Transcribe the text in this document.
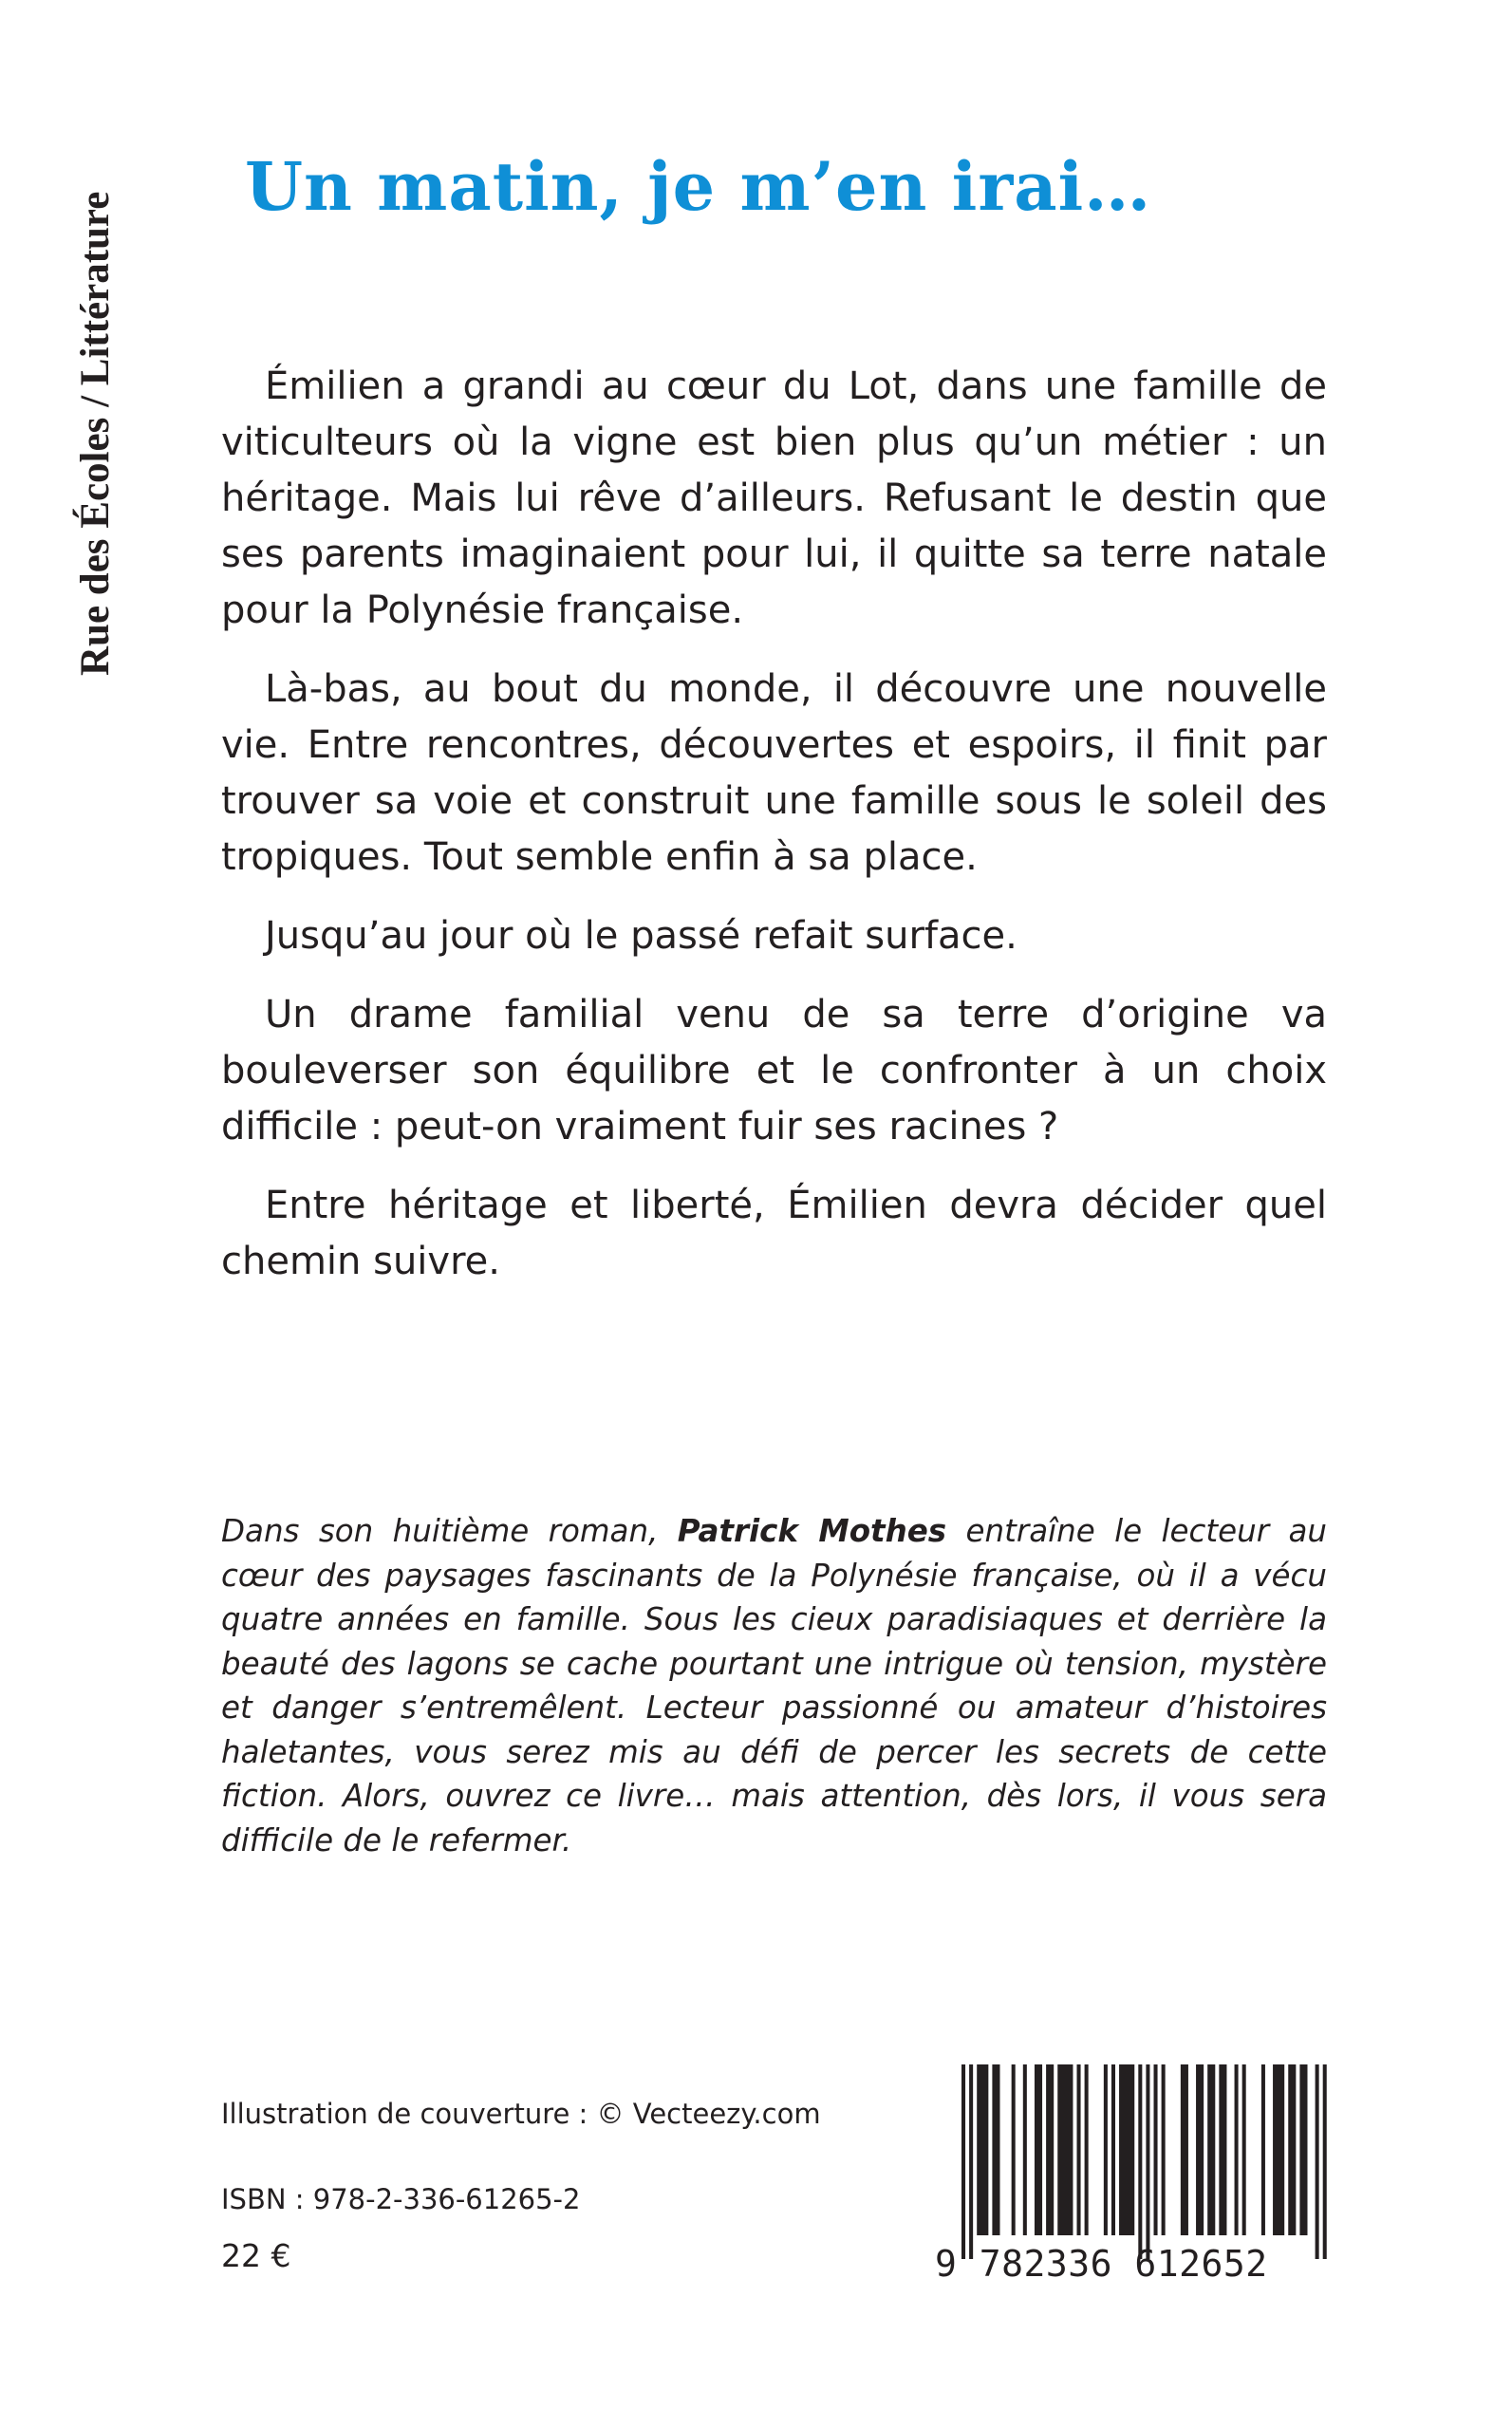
Rue des Écoles / Littérature
Un matin, je m’en irai…

Émilien a grandi au cœur du Lot, dans une famille de viticulteurs où la vigne est bien plus qu’un métier : un héritage. Mais lui rêve d’ailleurs. Refusant le destin que ses parents imaginaient pour lui, il quitte sa terre natale pour la Polynésie française.

Là-bas, au bout du monde, il découvre une nouvelle vie. Entre rencontres, découvertes et espoirs, il finit par trouver sa voie et construit une famille sous le soleil des tropiques. Tout semble enfin à sa place.

Jusqu’au jour où le passé refait surface.

Un drame familial venu de sa terre d’origine va bouleverser son équilibre et le confronter à un choix difficile : peut-on vraiment fuir ses racines ?

Entre héritage et liberté, Émilien devra décider quel chemin suivre.

Dans son huitième roman, Patrick Mothes entraîne le lecteur au cœur des paysages fascinants de la Polynésie française, où il a vécu quatre années en famille. Sous les cieux paradisiaques et derrière la beauté des lagons se cache pourtant une intrigue où tension, mystère et danger s’entremêlent. Lecteur passionné ou amateur d’histoires haletantes, vous serez mis au défi de percer les secrets de cette fiction. Alors, ouvrez ce livre… mais attention, dès lors, il vous sera difficile de le refermer.

Illustration de couverture : © Vecteezy.com
ISBN : 978-2-336-61265-2
22 €	9 782336 612652
